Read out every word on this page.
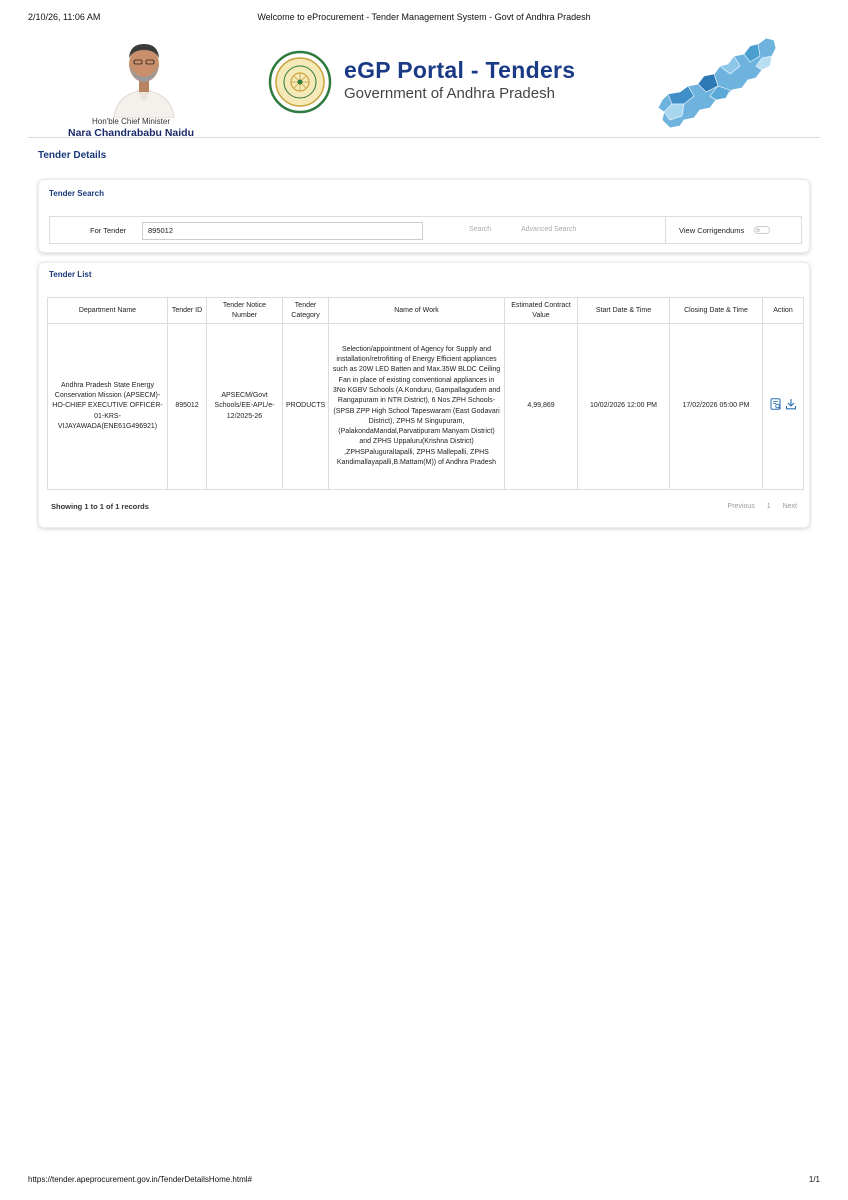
2/10/26, 11:06 AM	Welcome to eProcurement - Tender Management System - Govt of Andhra Pradesh
Hon'ble Chief Minister
Nara Chandrababu Naidu
eGP Portal - Tenders
Government of Andhra Pradesh
Tender Details
Tender Search
For Tender	895012	Search	Advanced Search	View Corrigendums
Tender List
Department Name	Tender ID	Tender Notice Number	Tender Category	Name of Work	Estimated Contract Value	Start Date & Time	Closing Date & Time	Action
Andhra Pradesh State Energy Conservation Mission (APSECM)-HO-CHIEF EXECUTIVE OFFICER-01-KRS-VIJAYAWADA(ENE61G496921)	895012	APSECM/Govt Schools/EE-APL/e-12/2025-26	PRODUCTS	Selection/appointment of Agency for Supply and installation/retrofitting of Energy Efficient appliances such as 20W LED Batten and Max.35W BLDC Ceiling Fan in place of existing conventional appliances in 3No KGBV Schools (A.Konduru, Gampallagudem and Rangapuram in NTR District), 6 Nos ZPH Schools- (SPSB ZPP High School Tapeswaram (East Godavari District), ZPHS M Singupuram, (PalakondaMandal,Parvatipuram Manyam District) and ZPHS Uppaluru(Krishna District) ,ZPHSPaluguralIapalli, ZPHS Mallepalli, ZPHS Kandimallayapalli,B.Mattam(M)) of Andhra Pradesh	4,99,869	10/02/2026 12:00 PM	17/02/2026 05:00 PM	
Showing 1 to 1 of 1 records	Previous 1 Next
https://tender.apeprocurement.gov.in/TenderDetailsHome.html#	1/1
